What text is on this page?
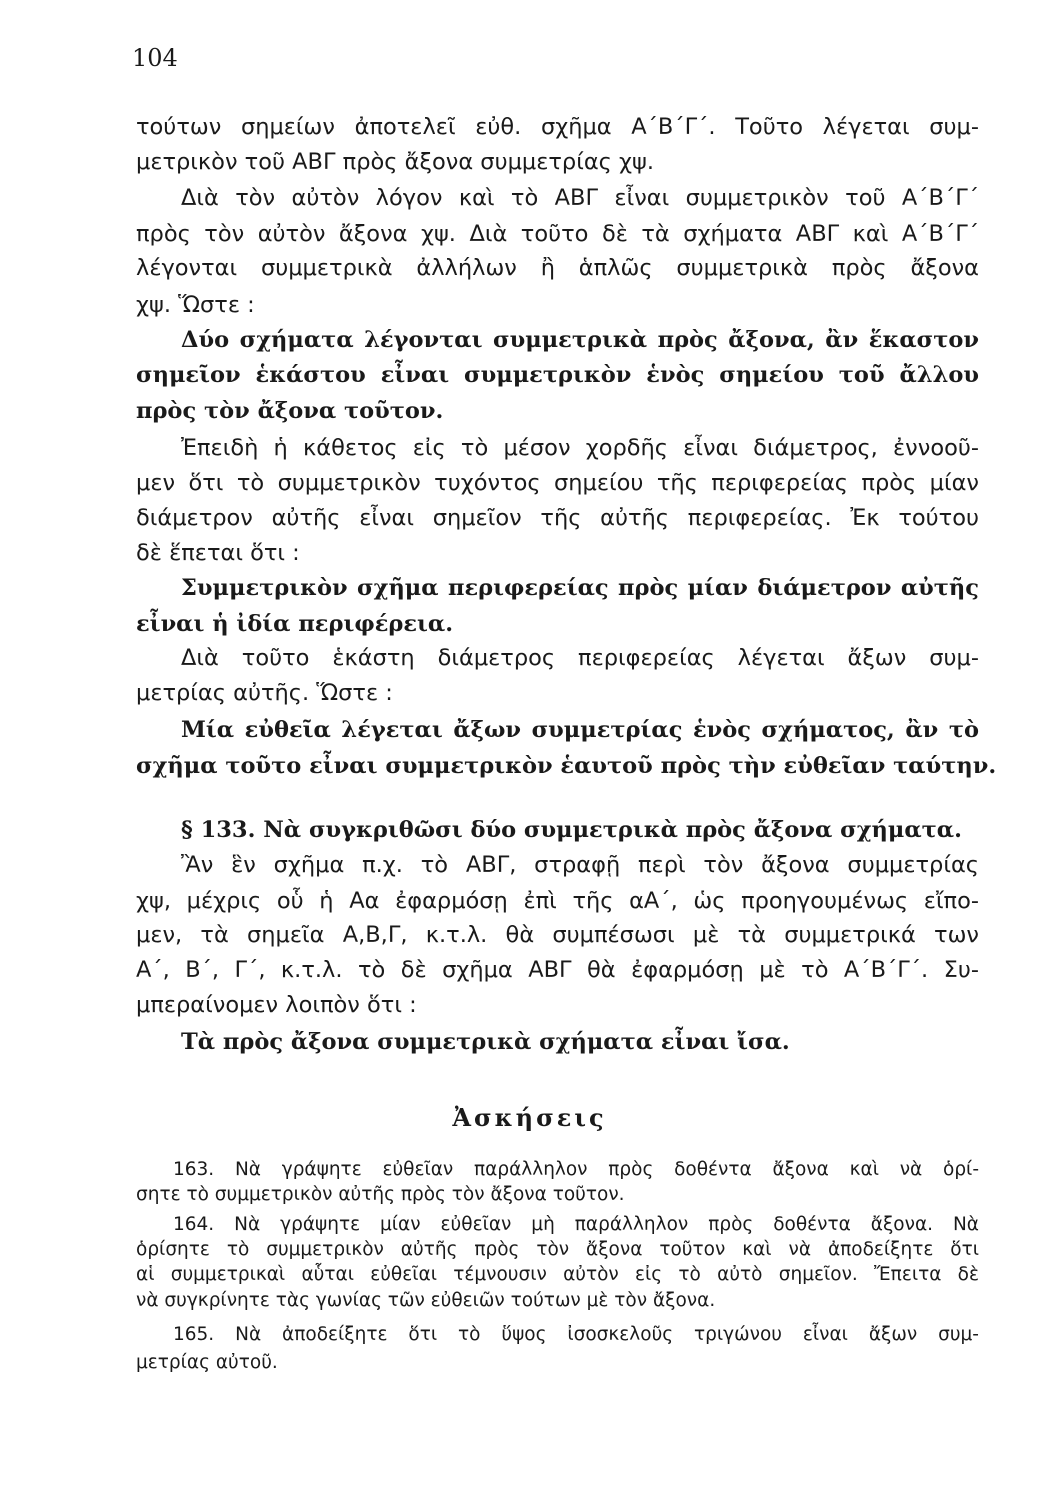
104
τούτων σημείων ἀποτελεῖ εὐθ. σχῆμα Α΄Β΄Γ΄. Τοῦτο λέγεται συμ-
μετρικὸν τοῦ ΑΒΓ πρὸς ἄξονα συμμετρίας χψ.
  Διὰ τὸν αὐτὸν λόγον καὶ τὸ ΑΒΓ εἶναι συμμετρικὸν τοῦ Α΄Β΄Γ΄
πρὸς τὸν αὐτὸν ἄξονα χψ. Διὰ τοῦτο δὲ τὰ σχήματα ΑΒΓ καὶ Α΄Β΄Γ΄
λέγονται συμμετρικὰ ἀλλήλων ἢ ἁπλῶς συμμετρικὰ πρὸς ἄξονα
χψ. Ὥστε :
  Δύο σχήματα λέγονται συμμετρικὰ πρὸς ἄξονα, ἂν ἕκαστον
σημεῖον ἑκάστου εἶναι συμμετρικὸν ἑνὸς σημείου τοῦ ἄλλου
πρὸς τὸν ἄξονα τοῦτον.
  Ἐπειδὴ ἡ κάθετος εἰς τὸ μέσον χορδῆς εἶναι διάμετρος, ἐννοοῦ-
μεν ὅτι τὸ συμμετρικὸν τυχόντος σημείου τῆς περιφερείας πρὸς μίαν
διάμετρον αὐτῆς εἶναι σημεῖον τῆς αὐτῆς περιφερείας. Ἐκ τούτου
δὲ ἕπεται ὅτι :
  Συμμετρικὸν σχῆμα περιφερείας πρὸς μίαν διάμετρον αὐτῆς
εἶναι ἡ ἰδία περιφέρεια.
  Διὰ τοῦτο ἑκάστη διάμετρος περιφερείας λέγεται ἄξων συμ-
μετρίας αὐτῆς. Ὥστε :
  Μία εὐθεῖα λέγεται ἄξων συμμετρίας ἑνὸς σχήματος, ἂν τὸ
σχῆμα τοῦτο εἶναι συμμετρικὸν ἑαυτοῦ πρὸς τὴν εὐθεῖαν ταύτην.
  § 133. Νὰ συγκριθῶσι δύο συμμετρικὰ πρὸς ἄξονα σχήματα.
  Ἂν ἓν σχῆμα π.χ. τὸ ΑΒΓ, στραφῇ περὶ τὸν ἄξονα συμμετρίας
χψ, μέχρις οὗ ἡ Αα ἐφαρμόσῃ ἐπὶ τῆς αΑ΄, ὡς προηγουμένως εἴπο-
μεν, τὰ σημεῖα Α,Β,Γ, κ.τ.λ. θὰ συμπέσωσι μὲ τὰ συμμετρικά των
Α΄, Β΄, Γ΄, κ.τ.λ. τὸ δὲ σχῆμα ΑΒΓ θὰ ἐφαρμόσῃ μὲ τὸ Α΄Β΄Γ΄. Συ-
μπεραίνομεν λοιπὸν ὅτι :
  Τὰ πρὸς ἄξονα συμμετρικὰ σχήματα εἶναι ἴσα.
Ἀσκήσεις
  163. Νὰ γράψητε εὐθεῖαν παράλληλον πρὸς δοθέντα ἄξονα καὶ νὰ ὁρί-
σητε τὸ συμμετρικὸν αὐτῆς πρὸς τὸν ἄξονα τοῦτον.
  164. Νὰ γράψητε μίαν εὐθεῖαν μὴ παράλληλον πρὸς δοθέντα ἄξονα. Νὰ
ὁρίσητε τὸ συμμετρικὸν αὐτῆς πρὸς τὸν ἄξονα τοῦτον καὶ νὰ ἀποδείξητε ὅτι
αἱ συμμετρικαὶ αὗται εὐθεῖαι τέμνουσιν αὐτὸν εἰς τὸ αὐτὸ σημεῖον. Ἔπειτα δὲ
νὰ συγκρίνητε τὰς γωνίας τῶν εὐθειῶν τούτων μὲ τὸν ἄξονα.
  165. Νὰ ἀποδείξητε ὅτι τὸ ὕψος ἰσοσκελοῦς τριγώνου εἶναι ἄξων συμ-
μετρίας αὐτοῦ.
